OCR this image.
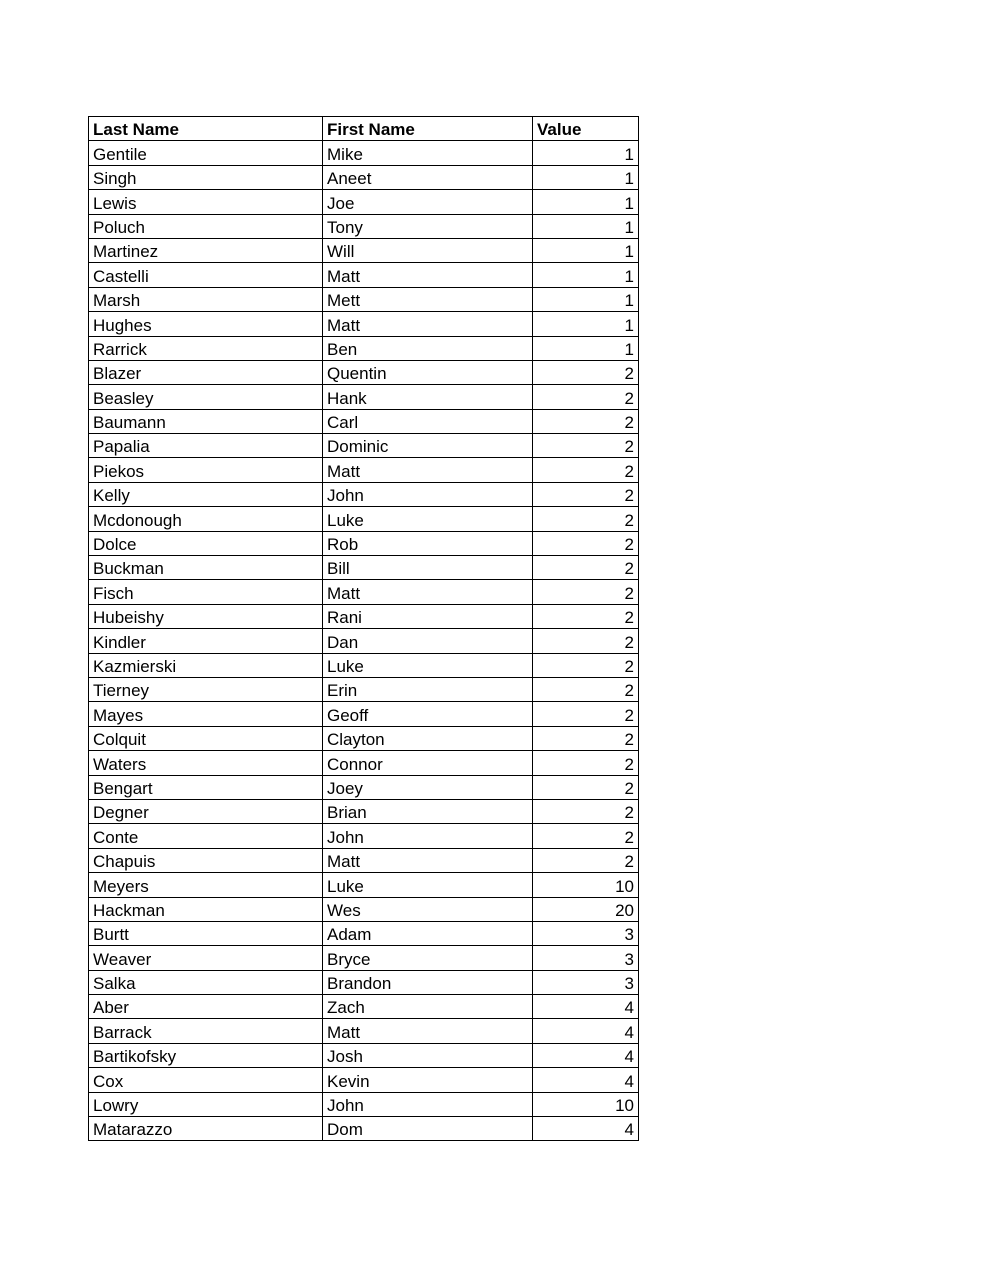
Last Name	First Name	Value
Gentile	Mike	1
Singh	Aneet	1
Lewis	Joe	1
Poluch	Tony	1
Martinez	Will	1
Castelli	Matt	1
Marsh	Mett	1
Hughes	Matt	1
Rarrick	Ben	1
Blazer	Quentin	2
Beasley	Hank	2
Baumann	Carl	2
Papalia	Dominic	2
Piekos	Matt	2
Kelly	John	2
Mcdonough	Luke	2
Dolce	Rob	2
Buckman	Bill	2
Fisch	Matt	2
Hubeishy	Rani	2
Kindler	Dan	2
Kazmierski	Luke	2
Tierney	Erin	2
Mayes	Geoff	2
Colquit	Clayton	2
Waters	Connor	2
Bengart	Joey	2
Degner	Brian	2
Conte	John	2
Chapuis	Matt	2
Meyers	Luke	10
Hackman	Wes	20
Burtt	Adam	3
Weaver	Bryce	3
Salka	Brandon	3
Aber	Zach	4
Barrack	Matt	4
Bartikofsky	Josh	4
Cox	Kevin	4
Lowry	John	10
Matarazzo	Dom	4
